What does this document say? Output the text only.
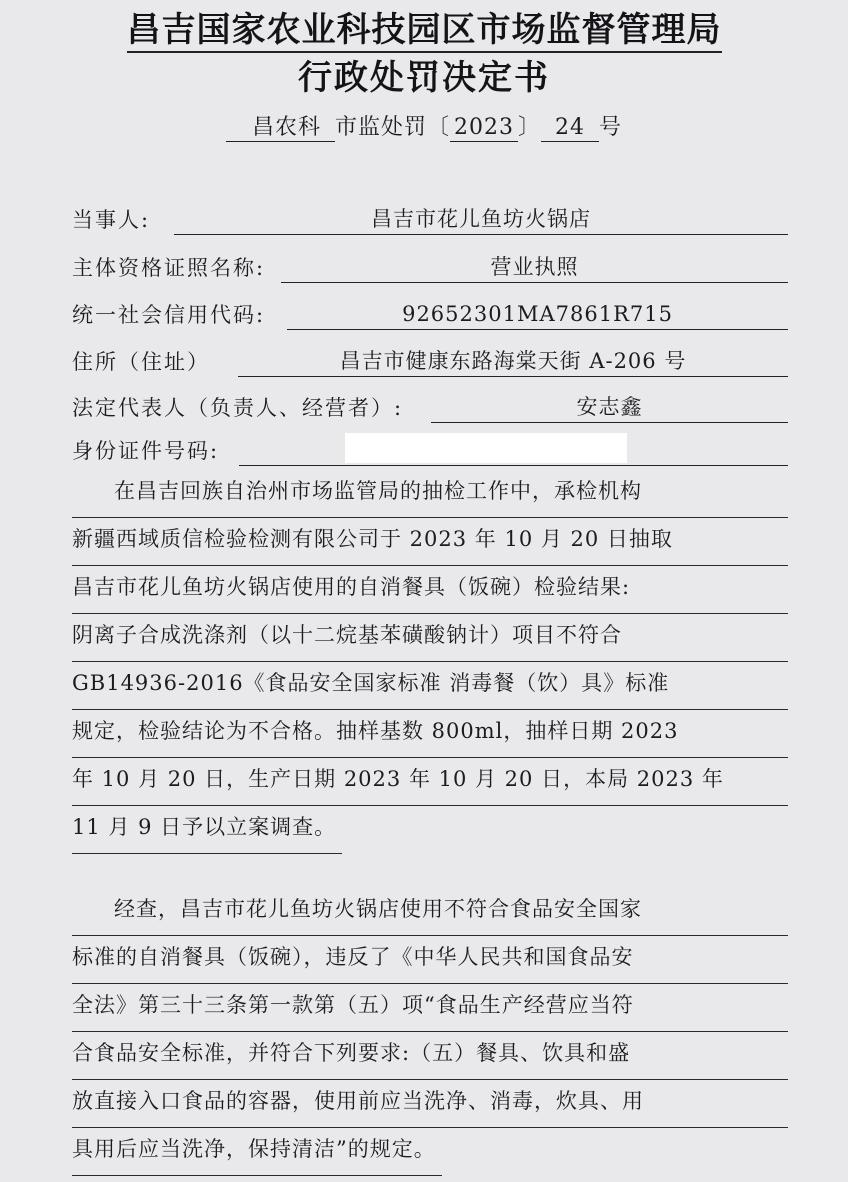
昌吉国家农业科技园区市场监督管理局
行政处罚决定书
昌农科 市监处罚〔 2023 〕 24 号
当事人:	昌吉市花儿鱼坊火锅店
主体资格证照名称:	营业执照
统一社会信用代码:	92652301MA7861R715
住所（住址）	昌吉市健康东路海棠天街 A-206 号
法定代表人（负责人、经营者）:	安志鑫
身份证件号码:
在昌吉回族自治州市场监管局的抽检工作中，承检机构
新疆西域质信检验检测有限公司于 2023 年 10 月 20 日抽取
昌吉市花儿鱼坊火锅店使用的自消餐具（饭碗）检验结果:
阴离子合成洗涤剂（以十二烷基苯磺酸钠计）项目不符合
GB14936-2016《食品安全国家标准 消毒餐（饮）具》标准
规定，检验结论为不合格。抽样基数 800ml，抽样日期 2023
年 10 月 20 日，生产日期 2023 年 10 月 20 日，本局 2023 年
11 月 9 日予以立案调查。
经查，昌吉市花儿鱼坊火锅店使用不符合食品安全国家
标准的自消餐具（饭碗），违反了《中华人民共和国食品安
全法》第三十三条第一款第（五）项“食品生产经营应当符
合食品安全标准，并符合下列要求:（五）餐具、饮具和盛
放直接入口食品的容器，使用前应当洗净、消毒，炊具、用
具用后应当洗净，保持清洁”的规定。
